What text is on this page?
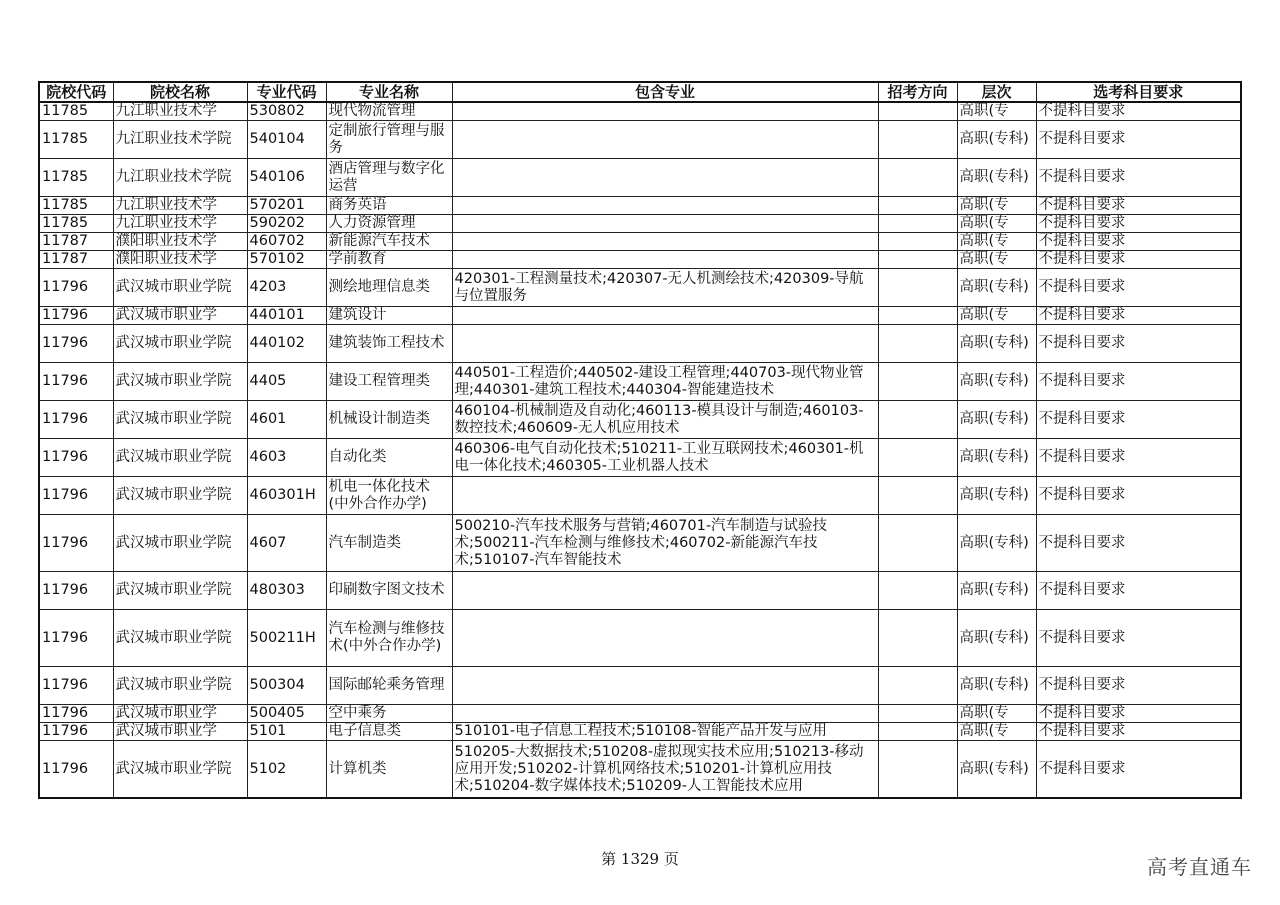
院校代码	院校名称	专业代码	专业名称	包含专业	招考方向	层次	选考科目要求
11785	九江职业技术学	530802	现代物流管理			高职(专	不提科目要求
11785	九江职业技术学院	540104	定制旅行管理与服务			高职(专科)	不提科目要求
11785	九江职业技术学院	540106	酒店管理与数字化运营			高职(专科)	不提科目要求
11785	九江职业技术学	570201	商务英语			高职(专	不提科目要求
11785	九江职业技术学	590202	人力资源管理			高职(专	不提科目要求
11787	濮阳职业技术学	460702	新能源汽车技术			高职(专	不提科目要求
11787	濮阳职业技术学	570102	学前教育			高职(专	不提科目要求
11796	武汉城市职业学院	4203	测绘地理信息类	420301-工程测量技术;420307-无人机测绘技术;420309-导航与位置服务		高职(专科)	不提科目要求
11796	武汉城市职业学	440101	建筑设计			高职(专	不提科目要求
11796	武汉城市职业学院	440102	建筑装饰工程技术			高职(专科)	不提科目要求
11796	武汉城市职业学院	4405	建设工程管理类	440501-工程造价;440502-建设工程管理;440703-现代物业管理;440301-建筑工程技术;440304-智能建造技术		高职(专科)	不提科目要求
11796	武汉城市职业学院	4601	机械设计制造类	460104-机械制造及自动化;460113-模具设计与制造;460103-数控技术;460609-无人机应用技术		高职(专科)	不提科目要求
11796	武汉城市职业学院	4603	自动化类	460306-电气自动化技术;510211-工业互联网技术;460301-机电一体化技术;460305-工业机器人技术		高职(专科)	不提科目要求
11796	武汉城市职业学院	460301H	机电一体化技术(中外合作办学)			高职(专科)	不提科目要求
11796	武汉城市职业学院	4607	汽车制造类	500210-汽车技术服务与营销;460701-汽车制造与试验技术;500211-汽车检测与维修技术;460702-新能源汽车技术;510107-汽车智能技术		高职(专科)	不提科目要求
11796	武汉城市职业学院	480303	印刷数字图文技术			高职(专科)	不提科目要求
11796	武汉城市职业学院	500211H	汽车检测与维修技术(中外合作办学)			高职(专科)	不提科目要求
11796	武汉城市职业学院	500304	国际邮轮乘务管理			高职(专科)	不提科目要求
11796	武汉城市职业学	500405	空中乘务			高职(专	不提科目要求
11796	武汉城市职业学	5101	电子信息类	510101-电子信息工程技术;510108-智能产品开发与应用		高职(专	不提科目要求
11796	武汉城市职业学院	5102	计算机类	510205-大数据技术;510208-虚拟现实技术应用;510213-移动应用开发;510202-计算机网络技术;510201-计算机应用技术;510204-数字媒体技术;510209-人工智能技术应用		高职(专科)	不提科目要求
第 1329 页	高考直通车
